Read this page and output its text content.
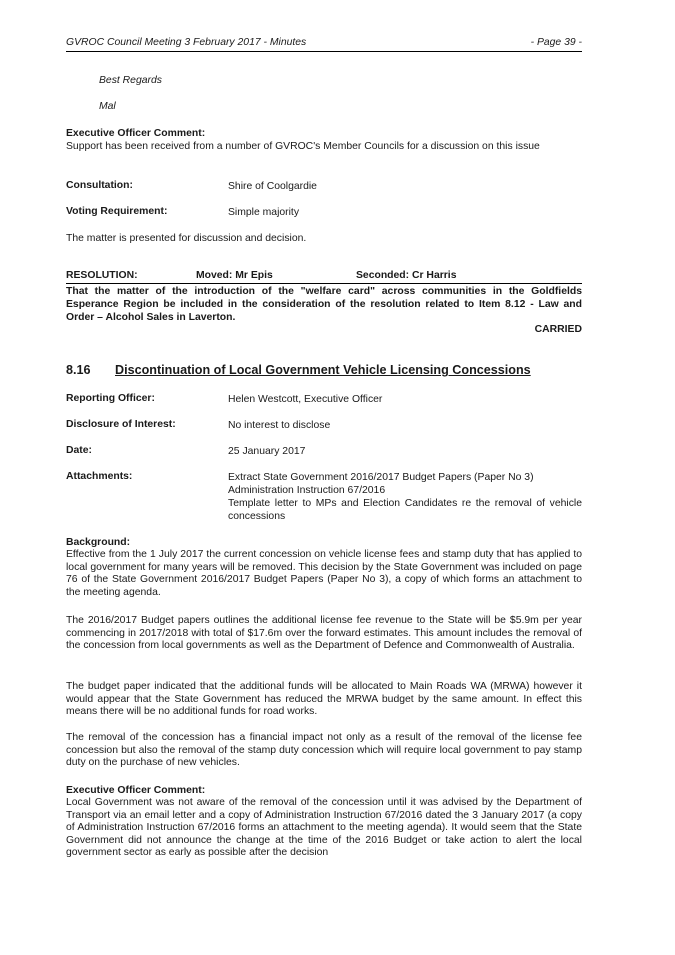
GVROC Council Meeting 3 February 2017 - Minutes	- Page 39 -
Best Regards
Mal
Executive Officer Comment:
Support has been received from a number of GVROC's Member Councils for a discussion on this issue
Consultation:	Shire of Coolgardie
Voting Requirement:	Simple majority
The matter is presented for discussion and decision.
RESOLUTION:	Moved: Mr Epis	Seconded: Cr Harris
That the matter of the introduction of the "welfare card" across communities in the Goldfields Esperance Region be included in the consideration of the resolution related to Item 8.12 - Law and Order – Alcohol Sales in Laverton.
CARRIED
8.16 Discontinuation of Local Government Vehicle Licensing Concessions
Reporting Officer:	Helen Westcott, Executive Officer
Disclosure of Interest:	No interest to disclose
Date:	25 January 2017
Attachments:	Extract State Government 2016/2017 Budget Papers (Paper No 3)
Administration Instruction 67/2016
Template letter to MPs and Election Candidates re the removal of vehicle concessions
Background:
Effective from the 1 July 2017 the current concession on vehicle license fees and stamp duty that has applied to local government for many years will be removed. This decision by the State Government was included on page 76 of the State Government 2016/2017 Budget Papers (Paper No 3), a copy of which forms an attachment to the meeting agenda.
The 2016/2017 Budget papers outlines the additional license fee revenue to the State will be $5.9m per year commencing in 2017/2018 with total of $17.6m over the forward estimates. This amount includes the removal of the concession from local governments as well as the Department of Defence and Commonwealth of Australia.
The budget paper indicated that the additional funds will be allocated to Main Roads WA (MRWA) however it would appear that the State Government has reduced the MRWA budget by the same amount. In effect this means there will be no additional funds for road works.
The removal of the concession has a financial impact not only as a result of the removal of the license fee concession but also the removal of the stamp duty concession which will require local government to pay stamp duty on the purchase of new vehicles.
Executive Officer Comment:
Local Government was not aware of the removal of the concession until it was advised by the Department of Transport via an email letter and a copy of Administration Instruction 67/2016 dated the 3 January 2017 (a copy of Administration Instruction 67/2016 forms an attachment to the meeting agenda). It would seem that the State Government did not announce the change at the time of the 2016 Budget or take action to alert the local government sector as early as possible after the decision
